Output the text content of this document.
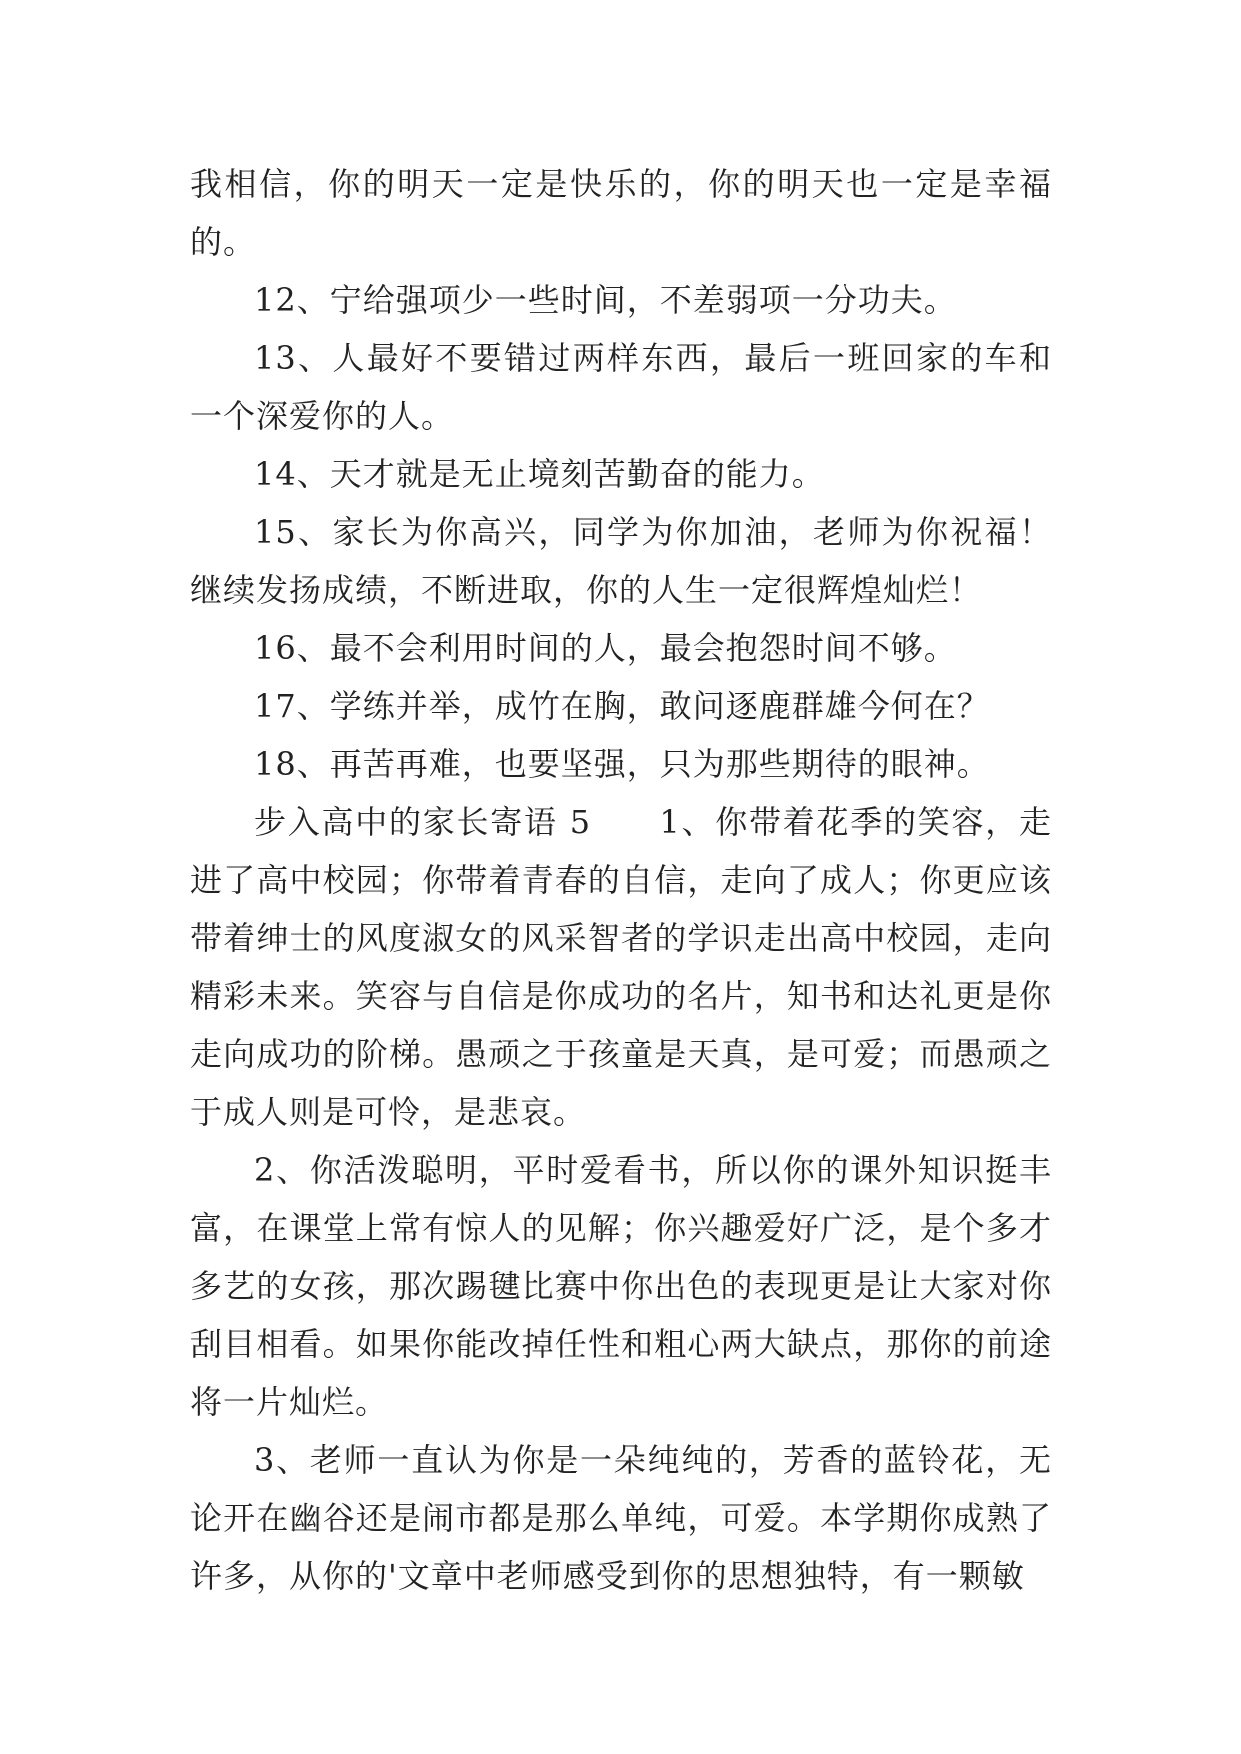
我相信，你的明天一定是快乐的，你的明天也一定是幸福的。

12、宁给强项少一些时间，不差弱项一分功夫。

13、人最好不要错过两样东西，最后一班回家的车和一个深爱你的人。

14、天才就是无止境刻苦勤奋的能力。

15、家长为你高兴，同学为你加油，老师为你祝福！继续发扬成绩，不断进取，你的人生一定很辉煌灿烂！

16、最不会利用时间的人，最会抱怨时间不够。

17、学练并举，成竹在胸，敢问逐鹿群雄今何在？

18、再苦再难，也要坚强，只为那些期待的眼神。

步入高中的家长寄语 5　　1、你带着花季的笑容，走进了高中校园；你带着青春的自信，走向了成人；你更应该带着绅士的风度淑女的风采智者的学识走出高中校园，走向精彩未来。笑容与自信是你成功的名片，知书和达礼更是你走向成功的阶梯。愚顽之于孩童是天真，是可爱；而愚顽之于成人则是可怜，是悲哀。

2、你活泼聪明，平时爱看书，所以你的课外知识挺丰富，在课堂上常有惊人的见解；你兴趣爱好广泛，是个多才多艺的女孩，那次踢毽比赛中你出色的表现更是让大家对你刮目相看。如果你能改掉任性和粗心两大缺点，那你的前途将一片灿烂。

3、老师一直认为你是一朵纯纯的，芳香的蓝铃花，无论开在幽谷还是闹市都是那么单纯，可爱。本学期你成熟了许多，从你的'文章中老师感受到你的思想独特，有一颗敏
